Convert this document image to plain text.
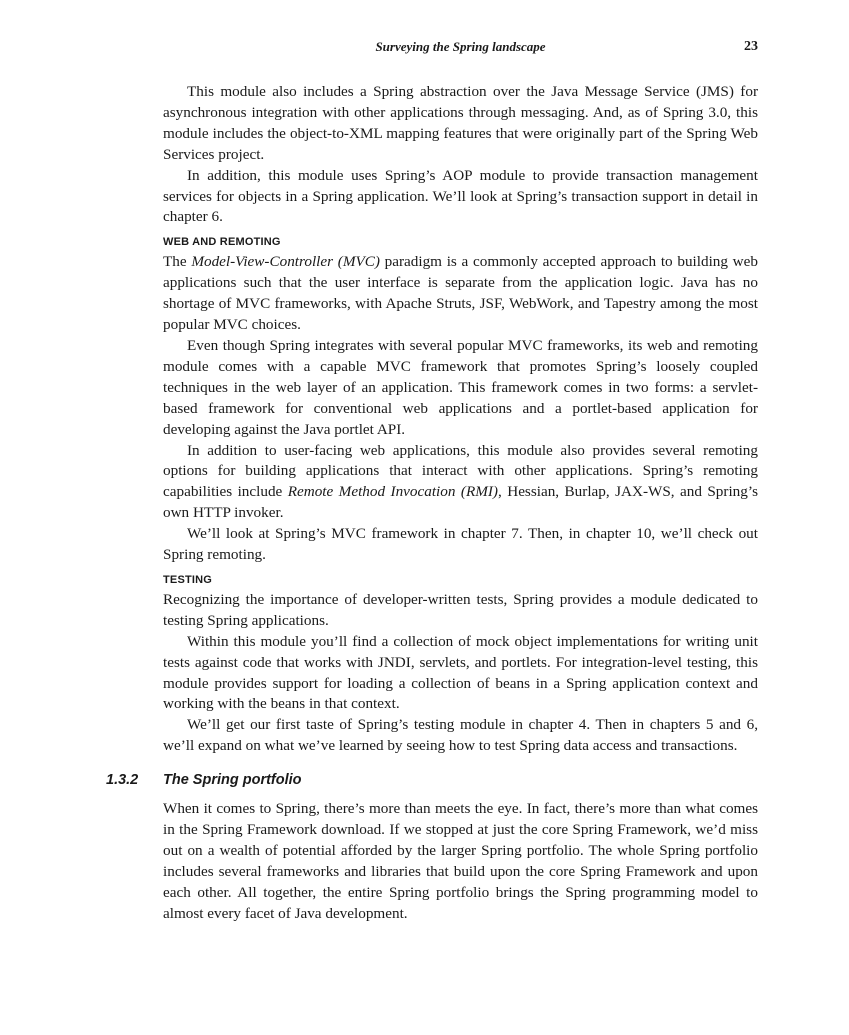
Surveying the Spring landscape	23

This module also includes a Spring abstraction over the Java Message Service (JMS) for asynchronous integration with other applications through messaging. And, as of Spring 3.0, this module includes the object-to-XML mapping features that were originally part of the Spring Web Services project.

In addition, this module uses Spring’s AOP module to provide transaction management services for objects in a Spring application. We’ll look at Spring’s transaction support in detail in chapter 6.

WEB AND REMOTING

The Model-View-Controller (MVC) paradigm is a commonly accepted approach to building web applications such that the user interface is separate from the application logic. Java has no shortage of MVC frameworks, with Apache Struts, JSF, WebWork, and Tapestry among the most popular MVC choices.

Even though Spring integrates with several popular MVC frameworks, its web and remoting module comes with a capable MVC framework that promotes Spring’s loosely coupled techniques in the web layer of an application. This framework comes in two forms: a servlet-based framework for conventional web applications and a portlet-based application for developing against the Java portlet API.

In addition to user-facing web applications, this module also provides several remoting options for building applications that interact with other applications. Spring’s remoting capabilities include Remote Method Invocation (RMI), Hessian, Burlap, JAX-WS, and Spring’s own HTTP invoker.

We’ll look at Spring’s MVC framework in chapter 7. Then, in chapter 10, we’ll check out Spring remoting.

TESTING

Recognizing the importance of developer-written tests, Spring provides a module dedicated to testing Spring applications.

Within this module you’ll find a collection of mock object implementations for writing unit tests against code that works with JNDI, servlets, and portlets. For integration-level testing, this module provides support for loading a collection of beans in a Spring application context and working with the beans in that context.

We’ll get our first taste of Spring’s testing module in chapter 4. Then in chapters 5 and 6, we’ll expand on what we’ve learned by seeing how to test Spring data access and transactions.

1.3.2 The Spring portfolio

When it comes to Spring, there’s more than meets the eye. In fact, there’s more than what comes in the Spring Framework download. If we stopped at just the core Spring Framework, we’d miss out on a wealth of potential afforded by the larger Spring portfolio. The whole Spring portfolio includes several frameworks and libraries that build upon the core Spring Framework and upon each other. All together, the entire Spring portfolio brings the Spring programming model to almost every facet of Java development.
